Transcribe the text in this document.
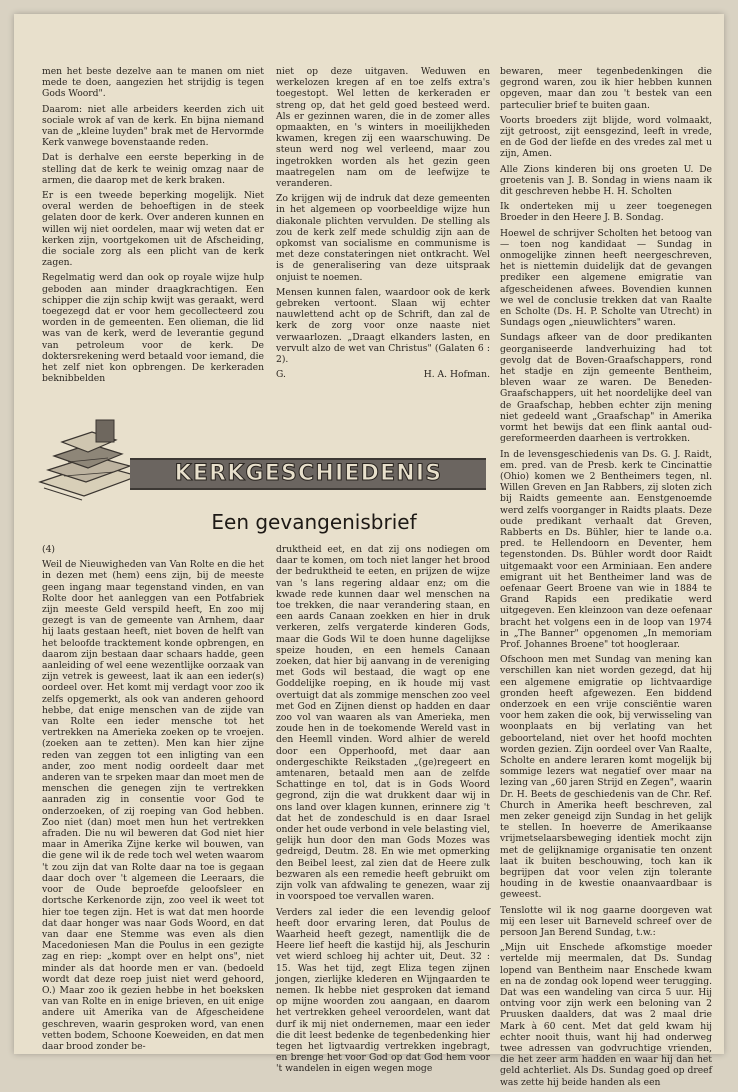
men het beste dezelve aan te manen om niet mede te doen, aangezien het strijdig is tegen Gods Woord".

Daarom: niet alle arbeiders keerden zich uit sociale wrok af van de kerk. En bijna niemand van de „kleine luyden" brak met de Hervormde Kerk vanwege bovenstaande reden.

Dat is derhalve een eerste beperking in de stelling dat de kerk te weinig omzag naar de armen, die daarop met de kerk braken.

Er is een tweede beperking mogelijk. Niet overal werden de behoeftigen in de steek gelaten door de kerk. Over anderen kunnen en willen wij niet oordelen, maar wij weten dat er kerken zijn, voortgekomen uit de Afscheiding, die sociale zorg als een plicht van de kerk zagen.

Regelmatig werd dan ook op royale wijze hulp geboden aan minder draagkrachtigen. Een schipper die zijn schip kwijt was geraakt, werd toegezegd dat er voor hem gecollecteerd zou worden in de gemeenten. Een olieman, die lid was van de kerk, werd de leverantie gegund van petroleum voor de kerk. De doktersrekening werd betaald voor iemand, die het zelf niet kon opbrengen. De kerkeraden beknibbelden

niet op deze uitgaven. Weduwen en werkelozen kregen af en toe zelfs extra's toegestopt. Wel letten de kerkeraden er streng op, dat het geld goed besteed werd. Als er gezinnen waren, die in de zomer alles opmaakten, en 's winters in moeilijkheden kwamen, kregen zij een waarschuwing. De steun werd nog wel verleend, maar zou ingetrokken worden als het gezin geen maatregelen nam om de leefwijze te veranderen.

Zo krijgen wij de indruk dat deze gemeenten in het algemeen op voorbeeldige wijze hun diakonale plichten vervulden. De stelling als zou de kerk zelf mede schuldig zijn aan de opkomst van socialisme en communisme is met deze constateringen niet ontkracht. Wel is de generalisering van deze uitspraak onjuist te noemen.

Mensen kunnen falen, waardoor ook de kerk gebreken vertoont. Slaan wij echter nauwlettend acht op de Schrift, dan zal de kerk de zorg voor onze naaste niet verwaarlozen. „Draagt elkanders lasten, en vervult alzo de wet van Christus" (Galaten 6 : 2).

G.	H. A. Hofman.

bewaren, meer tegenbedenkingen die gegrond waren, zou ik hier hebben kunnen opgeven, maar dan zou 't bestek van een parteculier brief te buiten gaan.

Voorts broeders zijt blijde, word volmaakt, zijt getroost, zijt eensgezind, leeft in vrede, en de God der liefde en des vredes zal met u zijn, Amen.

Alle Zions kinderen bij ons groeten U. De groetenis van J. B. Sondag in wiens naam ik dit geschreven hebbe H. H. Scholten

Ik onderteken mij u zeer toegenegen Broeder in den Heere J. B. Sondag.

Hoewel de schrijver Scholten het betoog van — toen nog kandidaat — Sundag in onmogelijke zinnen heeft neergeschreven, het is niettemin duidelijk dat de gevangen prediker een algemene emigratie van afgescheidenen afwees. Bovendien kunnen we wel de conclusie trekken dat van Raalte en Scholte (Ds. H. P. Scholte van Utrecht) in Sundags ogen „nieuwlichters" waren.

Sundags afkeer van de door predikanten georganiseerde landverhuizing had tot gevolg dat de Boven-Graafschappers, rond het stadje en zijn gemeente Bentheim, bleven waar ze waren. De Beneden-Graafschappers, uit het noordelijke deel van de Graafschap, hebben echter zijn mening niet gedeeld want „Graafschap" in Amerika vormt het bewijs dat een flink aantal oud-gereformeerden daarheen is vertrokken.

In de levensgeschiedenis van Ds. G. J. Raidt, em. pred. van de Presb. kerk te Cincinattie (Ohio) komen we 2 Bentheimers tegen, nl. Willen Greven en Jan Rabbers, zij sloten zich bij Raidts gemeente aan. Eenstgenoemde werd zelfs voorganger in Raidts plaats. Deze oude predikant verhaalt dat Greven, Rabberts en Ds. Bühler, hier te lande o.a. pred. te Hellendoorn en Deventer, hem tegenstonden. Ds. Bühler wordt door Raidt uitgemaakt voor een Arminiaan. Een andere emigrant uit het Bentheimer land was de oefenaar Geert Broene van wie in 1884 te Grand Rapids een predikatie werd uitgegeven. Een kleinzoon van deze oefenaar bracht het volgens een in de loop van 1974 in „The Banner" opgenomen „In memoriam Prof. Johannes Broene" tot hoogleraar.

Ofschoon men met Sundag van mening kan verschillen kan niet worden gezegd, dat hij een algemene emigratie op lichtvaardige gronden heeft afgewezen. Een biddend onderzoek en een vrije consciëntie waren voor hem zaken die ook, bij verwisseling van woonplaats en bij verlating van het geboorteland, niet over het hoofd mochten worden gezien. Zijn oordeel over Van Raalte, Scholte en andere leraren komt mogelijk bij sommige lezers wat negatief over maar na lezing van „60 jaren Strijd en Zegen", waarin Dr. H. Beets de geschiedenis van de Chr. Ref. Church in Amerika heeft beschreven, zal men zeker geneigd zijn Sundag in het gelijk te stellen. In hoeverre de Amerikaanse vrijmetselaarsbeweging identiek mocht zijn met de gelijknamige organisatie ten onzent laat ik buiten beschouwing, toch kan ik begrijpen dat voor velen zijn tolerante houding in de kwestie onaanvaardbaar is geweest.

Tenslotte wil ik nog gaarne doorgeven wat mij een leser uit Barneveld schreef over de persoon Jan Berend Sundag, t.w.:

„Mijn uit Enschede afkomstige moeder vertelde mij meermalen, dat Ds. Sundag lopend van Bentheim naar Enschede kwam en na de zondag ook lopend weer terugging. Dat was een wandeling van circa 5 uur. Hij ontving voor zijn werk een beloning van 2 Pruusken daalders, dat was 2 maal drie Mark à 60 cent. Met dat geld kwam hij echter nooit thuis, want hij had onderweg twee adressen van godvruchtige vrienden, die het zeer arm hadden en waar hij dan het geld achterliet. Als Ds. Sundag goed op dreef was zette hij beide handen als een

KERKGESCHIEDENIS
Een gevangenisbrief

(4)

Weil de Nieuwigheden van Van Rolte en die het in dezen met (hem) eens zijn, bij de meeste geen ingang maar tegenstand vinden, en van Rolte door het aanleggen van een Potfabriek zijn meeste Geld verspild heeft, En zoo mij gezegt is van de gemeente van Arnhem, daar hij laats gestaan heeft, niet boven de helft van het beloofde tracktement konde opbrengen, en daarom zijn bestaan daar schaars hadde, geen aanleiding of wel eene wezentlijke oorzaak van zijn vetrek is geweest, laat ik aan een ieder(s) oordeel over. Het komt mij verdagt voor zoo ik zelfs opgemerkt, als ook van anderen gehoord hebbe, dat enige menschen van de zijde van van Rolte een ieder mensche tot het vertrekken na Amerieka zoeken op te vroejen. (zoeken aan te zetten). Men kan hier zijne reden van zeggen tot een inligting van een ander, zoo ment nodig oordeelt daar met anderen van te srpeken maar dan moet men de menschen die genegen zijn te vertrekken aanraden zig in consentie voor God te onderzoeken, of zij roeping van God hebben. Zoo niet (dan) moet men hun het vertrekken afraden. Die nu wil beweren dat God niet hier maar in Amerika Zijne kerke wil bouwen, van die gene wil ik de rede toch wel weten waarom 't zou zijn dat van Rolte daar na toe is gegaan daar doch over 't algemeen die Leeraars, die voor de Oude beproefde geloofsleer en dortsche Kerkenorde zijn, zoo veel ik weet tot hier toe tegen zijn. Het is wat dat men hoorde dat daar honger was naar Gods Woord, en dat van daar ene Stemme was even als dien Macedoniesen Man die Poulus in een gezigte zag en riep: „kompt over en helpt ons", niet minder als dat hoorde men er van. (bedoeld wordt dat deze roep juist niet werd gehoord, O.) Maar zoo ik gezien hebbe in het boeksken van van Rolte en in enige brieven, en uit enige andere uit Amerika van de Afgescheidene geschreven, waarin gesproken word, van enen vetten bodem, Schoone Koeweiden, en dat men daar brood zonder be-

druktheid eet, en dat zij ons nodiegen om daar te komen, om toch niet langer het brood der bedruktheid te eeten, en prijzen de wijze van 's lans regering aldaar enz; om die kwade rede kunnen daar wel menschen na toe trekken, die naar verandering staan, en een aards Canaan zoekken en hier in druk verkeren, zelfs vergaterde kinderen Gods, maar die Gods Wil te doen hunne dagelijkse speize houden, en een hemels Canaan zoeken, dat hier bij aanvang in de vereniging met Gods wil bestaad, die wagt op ene Goddelijke roeping, en ik houde mij vast overtuigt dat als zommige menschen zoo veel met God en Zijnen dienst op hadden en daar zoo vol van waaren als van Amerieka, men zoude hen in de toekomende Wereld vast in den Heemll vinden. Word alhier de wereld door een Opperhoofd, met daar aan ondergeschikte Reikstaden „(ge)regeert en amtenaren, betaald men aan de zelfde Schattinge en tol, dat is in Gods Woord gegrond, zijn die wat drukkent daar wij in ons land over klagen kunnen, erinnere zig 't dat het de zondeschuld is en daar Israel onder het oude verbond in vele belasting viel, gelijk hun door den man Gods Mozes was gedreigd, Deutm. 28. En wie met opmerking den Beibel leest, zal zien dat de Heere zulk bezwaren als een remedie heeft gebruikt om zijn volk van afdwaling te genezen, waar zij in voorspoed toe vervallen waren.

Verders zal ieder die een levendig geloof heeft door ervaring leren, dat Poulus de Waarheid heeft gezegt, namentlijk die de Heere lief heeft die kastijd hij, als Jeschurin vet wierd schloeg hij achter uit, Deut. 32 : 15. Was het tijd, zegt Eliza tegen zijnen jongen, zierlijke klederen en Wijngaarden te nemen. Ik hebbe niet gesproken dat iemand op mijne woorden zou aangaan, en daarom het vertrekken geheel veroordelen, want dat durf ik mij niet ondernemen, maar een ieder die dit leest bedenke de tegenbedenking hier tegen het ligtvaardig vertrekken ingebragt, en brenge het voor God op dat God hem voor 't wandelen in eigen wegen moge
